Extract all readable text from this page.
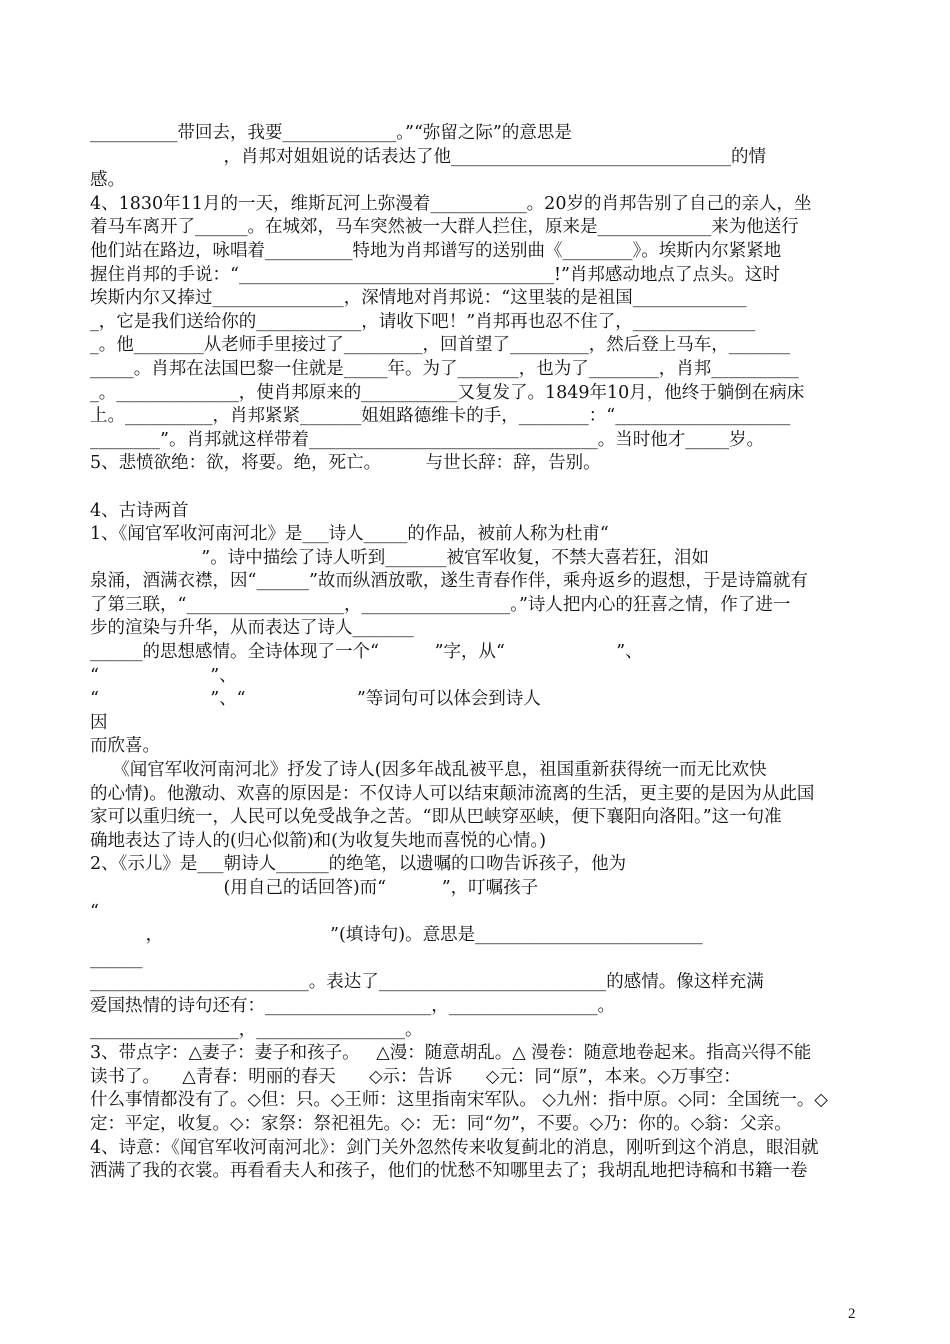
__________带回去，我要_____________。”“弥留之际”的意思是
，肖邦对姐姐说的话表达了他________________________________的情
感。
4、1830年11月的一天，维斯瓦河上弥漫着___________。20岁的肖邦告别了自己的亲人，坐
着马车离开了______。在城郊，马车突然被一大群人拦住，原来是_____________来为他送行
他们站在路边，咏唱着__________特地为肖邦谱写的送别曲《________》。埃斯内尔紧紧地
握住肖邦的手说：“____________________________________!”肖邦感动地点了点头。这时
埃斯内尔又捧过_______________，深情地对肖邦说：“这里装的是祖国_____________
_，它是我们送给你的____________，请收下吧！”肖邦再也忍不住了，______________
_。他________从老师手里接过了_________，回首望了_________，然后登上马车，_______
_____。肖邦在法国巴黎一住就是_____年。为了_______，也为了________，肖邦__________
_。______________，使肖邦原来的___________又复发了。1849年10月，他终于躺倒在病床
上。__________，肖邦紧紧_______姐姐路德维卡的手，________：“____________________
________”。肖邦就这样带着_________________________________。当时他才_____岁。
5、悲愤欲绝：欲，将要。绝，死亡。        与世长辞：辞，告别。
4、古诗两首
1、《闻官军收河南河北》是___诗人_____的作品，被前人称为杜甫“
”。诗中描绘了诗人听到_______被官军收复，不禁大喜若狂，泪如
泉涌，酒满衣襟，因“______”故而纵酒放歌，遂生青春作伴，乘舟返乡的遐想，于是诗篇就有
了第三联，“__________________，_________________。”诗人把内心的狂喜之情，作了进一
步的渲染与升华，从而表达了诗人_______
______的思想感情。全诗体现了一个“          ”字，从“                    ”、
“                    ”、
“                    ”、“                    ”等词句可以体会到诗人
因
而欣喜。
《闻官军收河南河北》抒发了诗人(因多年战乱被平息，祖国重新获得统一而无比欢快
的心情)。他激动、欢喜的原因是：不仅诗人可以结束颠沛流离的生活，更主要的是因为从此国
家可以重归统一，人民可以免受战争之苦。“即从巴峡穿巫峡，便下襄阳向洛阳。”这一句准
确地表达了诗人的(归心似箭)和(为收复失地而喜悦的心情。)
2、《示儿》是___朝诗人______的绝笔，以遗嘱的口吻告诉孩子，他为
(用自己的话回答)而“          ”，叮嘱孩子
“
，                              ”(填诗句)。意思是__________________________
______
_________________________。表达了__________________________的感情。像这样充满
爱国热情的诗句还有：___________________，_________________。
_________________，_________________。
3、带点字：△妻子：妻子和孩子。   △漫：随意胡乱。△ 漫卷：随意地卷起来。指高兴得不能
读书了。    △青春：明丽的春天      ◇示：告诉      ◇元：同“原”，本来。◇万事空：
什么事情都没有了。◇但：只。◇王师：这里指南宋军队。 ◇九州：指中原。◇同：全国统一。◇
定：平定，收复。◇：家祭：祭祀祖先。◇：无：同“勿”，不要。◇乃：你的。◇翁：父亲。
4、诗意：《闻官军收河南河北》：剑门关外忽然传来收复蓟北的消息，刚听到这个消息，眼泪就
洒满了我的衣裳。再看看夫人和孩子，他们的忧愁不知哪里去了；我胡乱地把诗稿和书籍一卷
2
